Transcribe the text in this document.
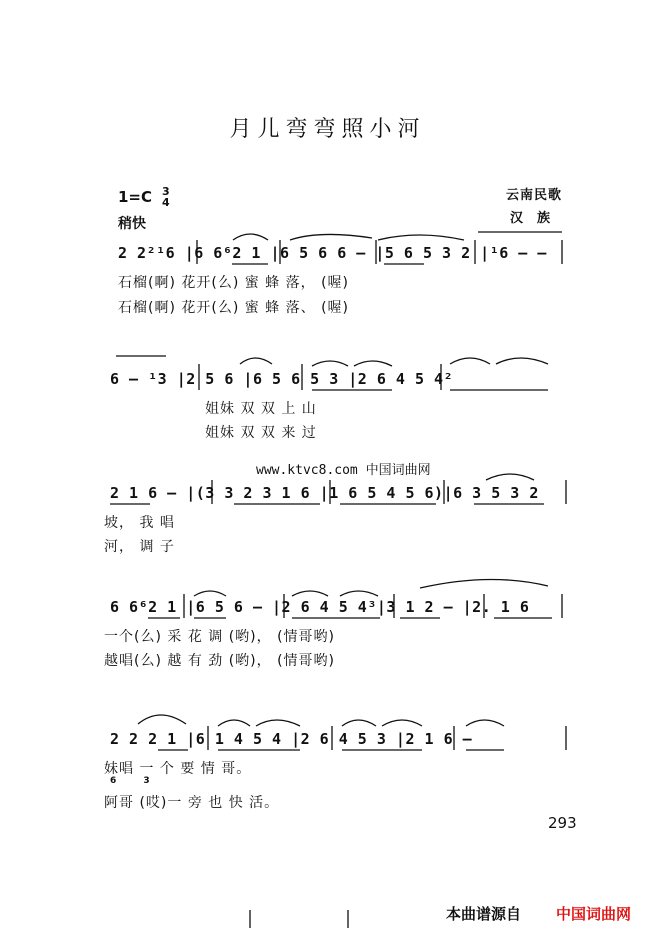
月儿弯弯照小河
1=C 3
4
稍快
云南民歌
汉族
2 2²¹6 |6 6⁶2 1 |6 5 6 6 – |5 6 5 3 2 |¹6 – –
石榴(啊) 花开(么) 蜜 蜂 落， (喔)
石榴(啊) 花开(么) 蜜 蜂 落、 (喔)
6 – ¹3 |2 5 6 |6 5 6 5 3 |2 6 4 5 4²
姐妹 双 双 上 山
姐妹 双 双 来 过
www.ktvc8.com 中国词曲网
2 1 6 – |(3 3 2 3 1 6 |1 6 5 4 5 6)|6 3 5 3 2
坡， 我 唱
河， 调 子
6 6⁶2 1 |6 5 6 – |2 6 4 5 4³|3 1 2 – |2. 1 6
一个(么) 采 花 调 (哟)， (情哥哟)
越唱(么) 越 有 劲 (哟)， (情哥哟)
2 2 2 1 |6 1 4 5 4 |2 6 4 5 3 |2 1 6 –
妹唱 一 个 要 情 哥。
6 3
阿哥 (哎)一 旁 也 快 活。
293
本曲谱源自 中国词曲网
